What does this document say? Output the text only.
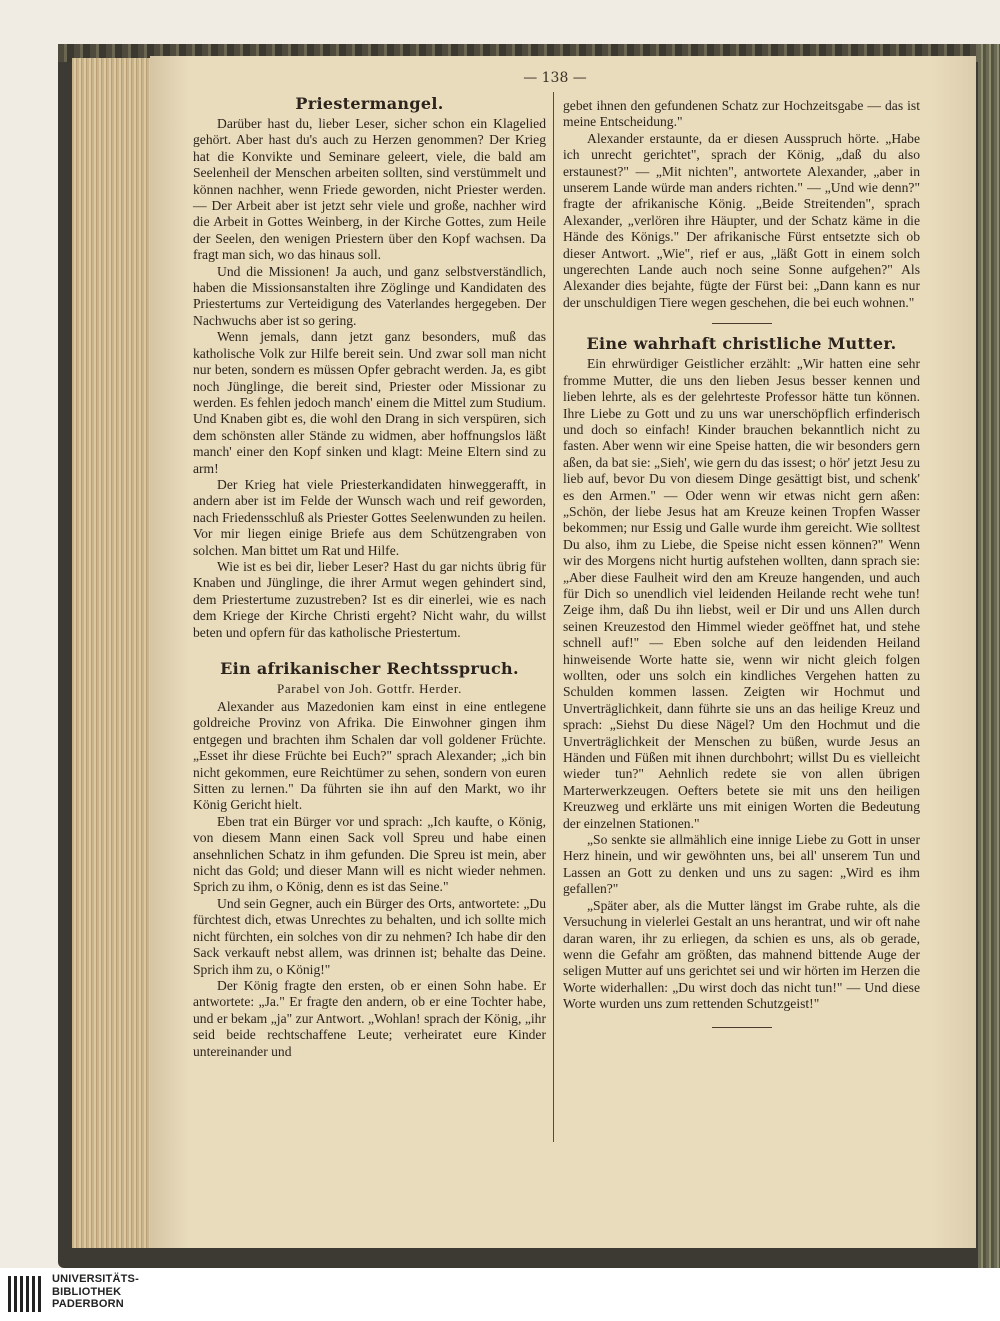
— 138 —
Priestermangel.

Darüber hast du, lieber Leser, sicher schon ein Klagelied gehört. Aber hast du's auch zu Herzen genommen? Der Krieg hat die Konvikte und Seminare geleert, viele, die bald am Seelenheil der Menschen arbeiten sollten, sind verstümmelt und können nachher, wenn Friede geworden, nicht Priester werden. — Der Arbeit aber ist jetzt sehr viele und große, nachher wird die Arbeit in Gottes Weinberg, in der Kirche Gottes, zum Heile der Seelen, den wenigen Priestern über den Kopf wachsen. Da fragt man sich, wo das hinaus soll.

Und die Missionen! Ja auch, und ganz selbstverständlich, haben die Missionsanstalten ihre Zöglinge und Kandidaten des Priestertums zur Verteidigung des Vaterlandes hergegeben. Der Nachwuchs aber ist so gering.

Wenn jemals, dann jetzt ganz besonders, muß das katholische Volk zur Hilfe bereit sein. Und zwar soll man nicht nur beten, sondern es müssen Opfer gebracht werden. Ja, es gibt noch Jünglinge, die bereit sind, Priester oder Missionar zu werden. Es fehlen jedoch manch' einem die Mittel zum Studium. Und Knaben gibt es, die wohl den Drang in sich verspüren, sich dem schönsten aller Stände zu widmen, aber hoffnungslos läßt manch' einer den Kopf sinken und klagt: Meine Eltern sind zu arm!

Der Krieg hat viele Priesterkandidaten hinweggerafft, in andern aber ist im Felde der Wunsch wach und reif geworden, nach Friedensschluß als Priester Gottes Seelenwunden zu heilen. Vor mir liegen einige Briefe aus dem Schützengraben von solchen. Man bittet um Rat und Hilfe.

Wie ist es bei dir, lieber Leser? Hast du gar nichts übrig für Knaben und Jünglinge, die ihrer Armut wegen gehindert sind, dem Priestertume zuzustreben? Ist es dir einerlei, wie es nach dem Kriege der Kirche Christi ergeht? Nicht wahr, du willst beten und opfern für das katholische Priestertum.

Ein afrikanischer Rechtsspruch.
Parabel von Joh. Gottfr. Herder.

Alexander aus Mazedonien kam einst in eine entlegene goldreiche Provinz von Afrika. Die Einwohner gingen ihm entgegen und brachten ihm Schalen dar voll goldener Früchte. „Esset ihr diese Früchte bei Euch?" sprach Alexander; „ich bin nicht gekommen, eure Reichtümer zu sehen, sondern von euren Sitten zu lernen." Da führten sie ihn auf den Markt, wo ihr König Gericht hielt.

Eben trat ein Bürger vor und sprach: „Ich kaufte, o König, von diesem Mann einen Sack voll Spreu und habe einen ansehnlichen Schatz in ihm gefunden. Die Spreu ist mein, aber nicht das Gold; und dieser Mann will es nicht wieder nehmen. Sprich zu ihm, o König, denn es ist das Seine."

Und sein Gegner, auch ein Bürger des Orts, antwortete: „Du fürchtest dich, etwas Unrechtes zu behalten, und ich sollte mich nicht fürchten, ein solches von dir zu nehmen? Ich habe dir den Sack verkauft nebst allem, was drinnen ist; behalte das Deine. Sprich ihm zu, o König!"

Der König fragte den ersten, ob er einen Sohn habe. Er antwortete: „Ja." Er fragte den andern, ob er eine Tochter habe, und er bekam „ja" zur Antwort. „Wohlan! sprach der König, „ihr seid beide rechtschaffene Leute; verheiratet eure Kinder untereinander und

gebet ihnen den gefundenen Schatz zur Hochzeitsgabe — das ist meine Entscheidung."

Alexander erstaunte, da er diesen Ausspruch hörte. „Habe ich unrecht gerichtet", sprach der König, „daß du also erstaunest?" — „Mit nichten", antwortete Alexander, „aber in unserem Lande würde man anders richten." — „Und wie denn?" fragte der afrikanische König. „Beide Streitenden", sprach Alexander, „verlören ihre Häupter, und der Schatz käme in die Hände des Königs." Der afrikanische Fürst entsetzte sich ob dieser Antwort. „Wie", rief er aus, „läßt Gott in einem solch ungerechten Lande auch noch seine Sonne aufgehen?" Als Alexander dies bejahte, fügte der Fürst bei: „Dann kann es nur der unschuldigen Tiere wegen geschehen, die bei euch wohnen."

Eine wahrhaft christliche Mutter.

Ein ehrwürdiger Geistlicher erzählt: „Wir hatten eine sehr fromme Mutter, die uns den lieben Jesus besser kennen und lieben lehrte, als es der gelehrteste Professor hätte tun können. Ihre Liebe zu Gott und zu uns war unerschöpflich erfinderisch und doch so einfach! Kinder brauchen bekanntlich nicht zu fasten. Aber wenn wir eine Speise hatten, die wir besonders gern aßen, da bat sie: „Sieh', wie gern du das issest; o hör' jetzt Jesu zu lieb auf, bevor Du von diesem Dinge gesättigt bist, und schenk' es den Armen." — Oder wenn wir etwas nicht gern aßen: „Schön, der liebe Jesus hat am Kreuze keinen Tropfen Wasser bekommen; nur Essig und Galle wurde ihm gereicht. Wie solltest Du also, ihm zu Liebe, die Speise nicht essen können?" Wenn wir des Morgens nicht hurtig aufstehen wollten, dann sprach sie: „Aber diese Faulheit wird den am Kreuze hangenden, und auch für Dich so unendlich viel leidenden Heilande recht wehe tun! Zeige ihm, daß Du ihn liebst, weil er Dir und uns Allen durch seinen Kreuzestod den Himmel wieder geöffnet hat, und stehe schnell auf!" — Eben solche auf den leidenden Heiland hinweisende Worte hatte sie, wenn wir nicht gleich folgen wollten, oder uns solch ein kindliches Vergehen hatten zu Schulden kommen lassen. Zeigten wir Hochmut und Unverträglichkeit, dann führte sie uns an das heilige Kreuz und sprach: „Siehst Du diese Nägel? Um den Hochmut und die Unverträglichkeit der Menschen zu büßen, wurde Jesus an Händen und Füßen mit ihnen durchbohrt; willst Du es vielleicht wieder tun?" Aehnlich redete sie von allen übrigen Marterwerkzeugen. Oefters betete sie mit uns den heiligen Kreuzweg und erklärte uns mit einigen Worten die Bedeutung der einzelnen Stationen."

„So senkte sie allmählich eine innige Liebe zu Gott in unser Herz hinein, und wir gewöhnten uns, bei all' unserem Tun und Lassen an Gott zu denken und uns zu sagen: „Wird es ihm gefallen?"

„Später aber, als die Mutter längst im Grabe ruhte, als die Versuchung in vielerlei Gestalt an uns herantrat, und wir oft nahe daran waren, ihr zu erliegen, da schien es uns, als ob gerade, wenn die Gefahr am größten, das mahnend bittende Auge der seligen Mutter auf uns gerichtet sei und wir hörten im Herzen die Worte widerhallen: „Du wirst doch das nicht tun!" — Und diese Worte wurden uns zum rettenden Schutzgeist!"

UNIVERSITÄTS-
BIBLIOTHEK
PADERBORN
